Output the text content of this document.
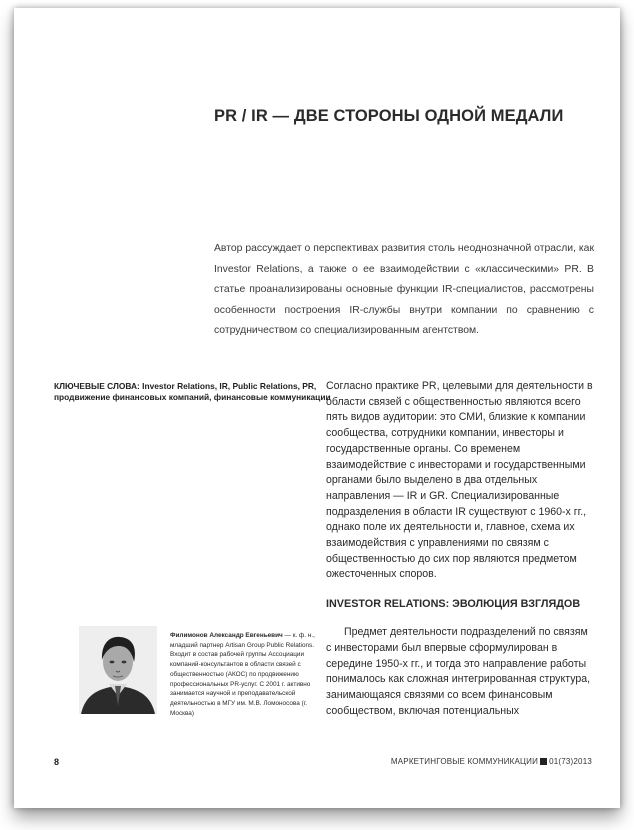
PR / IR — ДВЕ СТОРОНЫ ОДНОЙ МЕДАЛИ

Автор рассуждает о перспективах развития столь неоднозначной отрасли, как Investor Relations, а также о ее взаимодействии с «классическими» PR. В статье проанализированы основные функции IR-специалистов, рассмотрены особенности построения IR-службы внутри компании по сравнению с сотрудничеством со специализированным агентством.

КЛЮЧЕВЫЕ СЛОВА: Investor Relations, IR, Public Relations, PR, продвижение финансовых компаний, финансовые коммуникации

Согласно практике PR, целевыми для деятельности в области связей с общественностью являются всего пять видов аудитории: это СМИ, близкие к компании сообщества, сотрудники компании, инвесторы и государственные органы. Со временем взаимодействие с инвесторами и государственными органами было выделено в два отдельных направления — IR и GR. Специализированные подразделения в области IR существуют с 1960-х гг., однако поле их деятельности и, главное, схема их взаимодействия с управлениями по связям с общественностью до сих пор являются предметом ожесточенных споров.

INVESTOR RELATIONS: ЭВОЛЮЦИЯ ВЗГЛЯДОВ

Предмет деятельности подразделений по связям с инвесторами был впервые сформулирован в середине 1950-х гг., и тогда это направление работы понималось как сложная интегрированная структура, занимающаяся связями со всем финансовым сообществом, включая потенциальных

Филимонов Александр Евгеньевич — к. ф. н., младший партнер Artisan Group Public Relations. Входит в состав рабочей группы Ассоциации компаний-консультантов в области связей с общественностью (АКОС) по продвижению профессиональных PR-услуг. С 2001 г. активно занимается научной и преподавательской деятельностью в МГУ им. М.В. Ломоносова (г. Москва)

8	МАРКЕТИНГОВЫЕ КОММУНИКАЦИИ 01(73)2013
